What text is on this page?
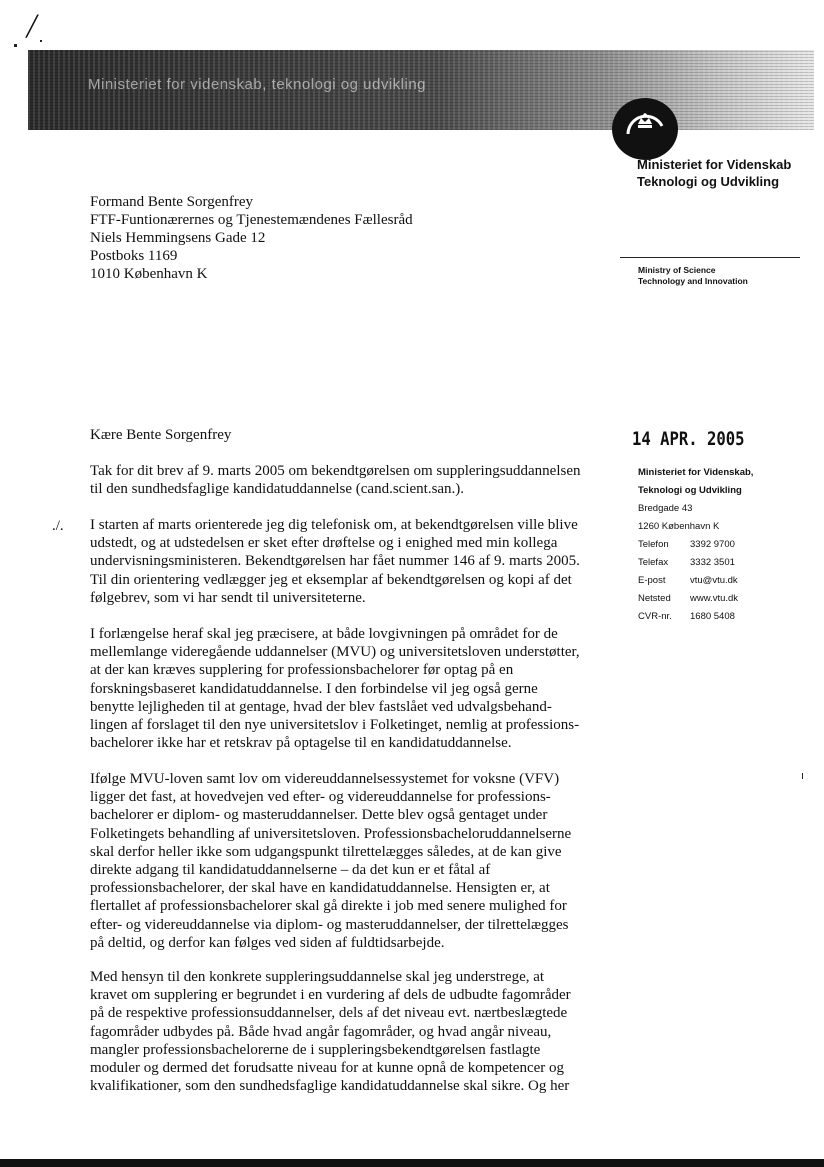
╱
Ministeriet for videnskab, teknologi og udvikling
Ministeriet for Videnskab
Teknologi og Udvikling
Ministry of Science
Technology and Innovation
Formand Bente Sorgenfrey
FTF-Funtionærernes og Tjenestemændenes Fællesråd
Niels Hemmingsens Gade 12
Postboks 1169
1010 København K
14 APR. 2005
Ministeriet for Videnskab,
Teknologi og Udvikling
Bredgade 43
1260 København K
Telefon	3392 9700
Telefax	3332 3501
E-post	vtu@vtu.dk
Netsted	www.vtu.dk
CVR-nr.	1680 5408
Kære Bente Sorgenfrey
./.
Tak for dit brev af 9. marts 2005 om bekendtgørelsen om suppleringsuddannelsen
til den sundhedsfaglige kandidatuddannelse (cand.scient.san.).
I starten af marts orienterede jeg dig telefonisk om, at bekendtgørelsen ville blive
udstedt, og at udstedelsen er sket efter drøftelse og i enighed med min kollega
undervisningsministeren. Bekendtgørelsen har fået nummer 146 af 9. marts 2005.
Til din orientering vedlægger jeg et eksemplar af bekendtgørelsen og kopi af det
følgebrev, som vi har sendt til universiteterne.
I forlængelse heraf skal jeg præcisere, at både lovgivningen på området for de
mellemlange videregående uddannelser (MVU) og universitetsloven understøtter,
at der kan kræves supplering for professionsbachelorer før optag på en
forskningsbaseret kandidatuddannelse. I den forbindelse vil jeg også gerne
benytte lejligheden til at gentage, hvad der blev fastslået ved udvalgsbehand-
lingen af forslaget til den nye universitetslov i Folketinget, nemlig at professions-
bachelorer ikke har et retskrav på optagelse til en kandidatuddannelse.
Ifølge MVU-loven samt lov om videreuddannelsessystemet for voksne (VFV)
ligger det fast, at hovedvejen ved efter- og videreuddannelse for professions-
bachelorer er diplom- og masteruddannelser. Dette blev også gentaget under
Folketingets behandling af universitetsloven. Professionsbacheloruddannelserne
skal derfor heller ikke som udgangspunkt tilrettelægges således, at de kan give
direkte adgang til kandidatuddannelserne – da det kun er et fåtal af
professionsbachelorer, der skal have en kandidatuddannelse. Hensigten er, at
flertallet af professionsbachelorer skal gå direkte i job med senere mulighed for
efter- og videreuddannelse via diplom- og masteruddannelser, der tilrettelægges
på deltid, og derfor kan følges ved siden af fuldtidsarbejde.
Med hensyn til den konkrete suppleringsuddannelse skal jeg understrege, at
kravet om supplering er begrundet i en vurdering af dels de udbudte fagområder
på de respektive professionsuddannelser, dels af det niveau evt. nærtbeslægtede
fagområder udbydes på. Både hvad angår fagområder, og hvad angår niveau,
mangler professionsbachelorerne de i suppleringsbekendtgørelsen fastlagte
moduler og dermed det forudsatte niveau for at kunne opnå de kompetencer og
kvalifikationer, som den sundhedsfaglige kandidatuddannelse skal sikre. Og her
